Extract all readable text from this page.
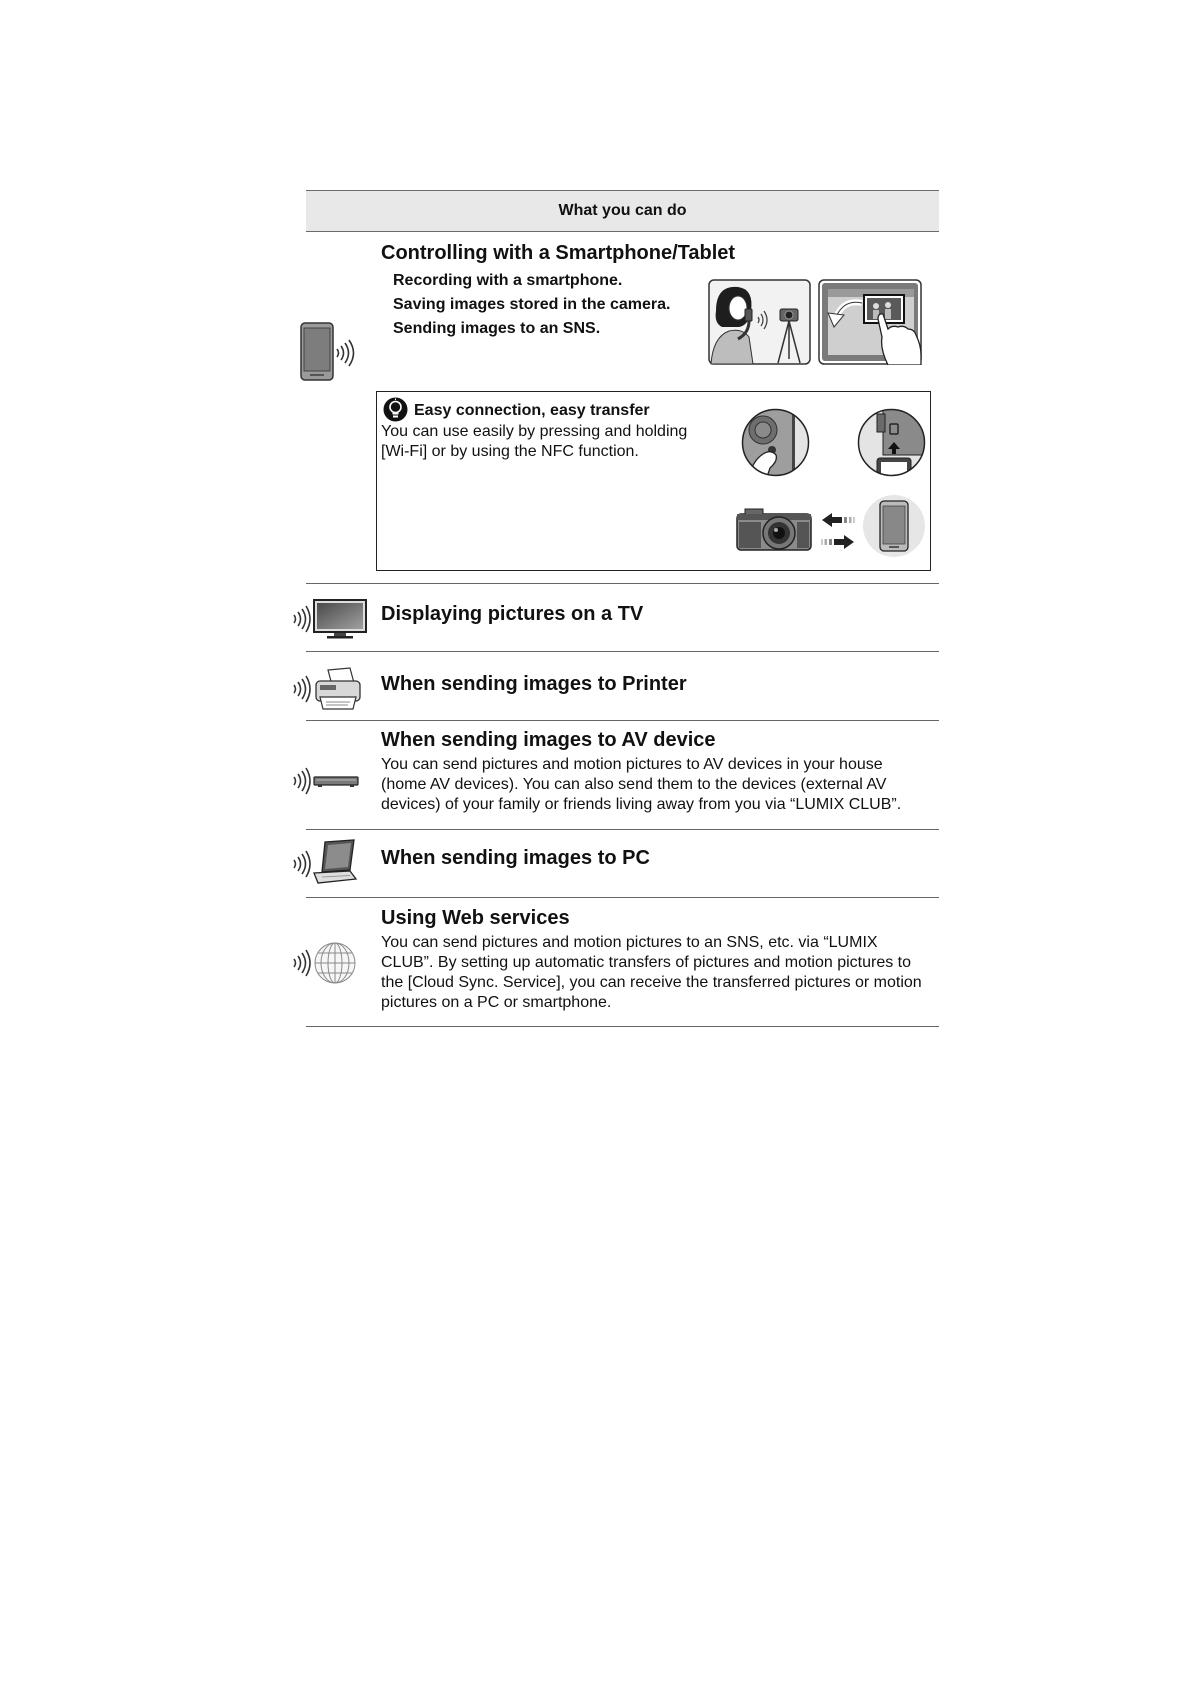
What you can do
Controlling with a Smartphone/Tablet
Recording with a smartphone.
Saving images stored in the camera.
Sending images to an SNS.
Easy connection, easy transfer
You can use easily by pressing and holding
[Wi-Fi] or by using the NFC function.
Displaying pictures on a TV
When sending images to Printer
When sending images to AV device
You can send pictures and motion pictures to AV devices in your house
(home AV devices). You can also send them to the devices (external AV
devices) of your family or friends living away from you via “LUMIX CLUB”.
When sending images to PC
Using Web services
You can send pictures and motion pictures to an SNS, etc. via “LUMIX
CLUB”. By setting up automatic transfers of pictures and motion pictures to
the [Cloud Sync. Service], you can receive the transferred pictures or motion
pictures on a PC or smartphone.
